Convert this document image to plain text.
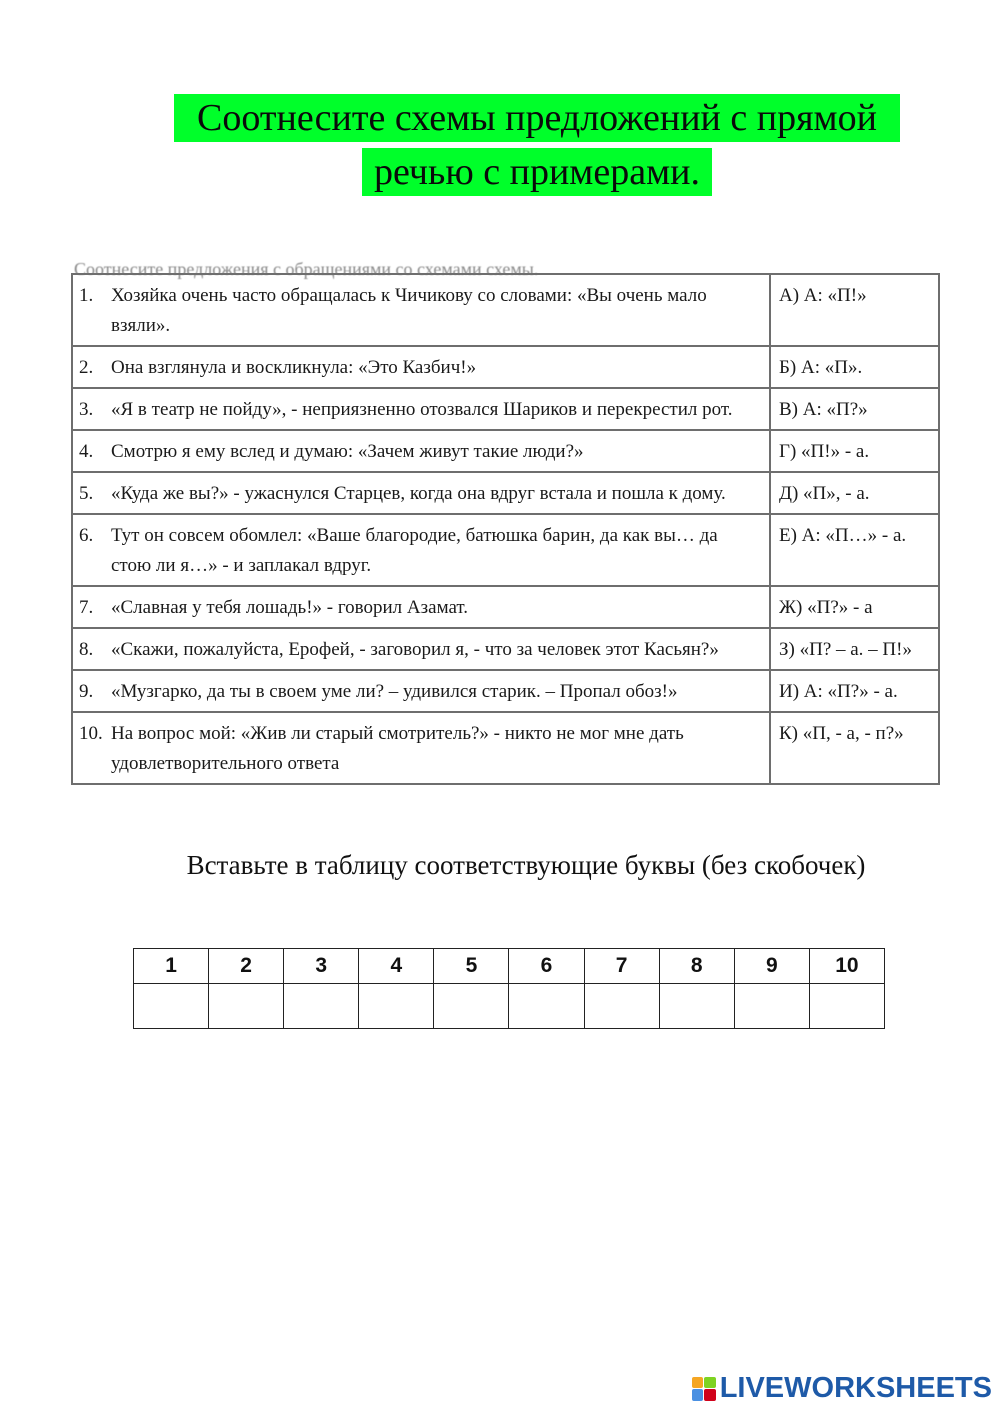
Соотнесите схемы предложений с прямой
речью с примерами.
Соотнесите предложения с обращениями со схемами схемы.
1. Хозяйка очень часто обращалась к Чичикову со словами: «Вы очень мало взяли».	А) А: «П!»
2. Она взглянула и воскликнула: «Это Казбич!»	Б) А: «П».
3. «Я в театр не пойду», - неприязненно отозвался Шариков и перекрестил рот.	В) А: «П?»
4. Смотрю я ему вслед и думаю: «Зачем живут такие люди?»	Г) «П!» - а.
5. «Куда же вы?» - ужаснулся Старцев, когда она вдруг встала и пошла к дому.	Д) «П», - а.
6. Тут он совсем обомлел: «Ваше благородие, батюшка барин, да как вы… да стою ли я…» - и заплакал вдруг.	Е) А: «П…» - а.
7. «Славная у тебя лошадь!» - говорил Азамат.	Ж) «П?» - а
8. «Скажи, пожалуйста, Ерофей, - заговорил я, - что за человек этот Касьян?»	З) «П? – а. – П!»
9. «Музгарко, да ты в своем уме ли? – удивился старик. – Пропал обоз!»	И) А: «П?» - а.
10. На вопрос мой: «Жив ли старый смотритель?» - никто не мог мне дать удовлетворительного ответа	К) «П, - а, - п?»
Вставьте в таблицу соответствующие буквы (без скобочек)
1	2	3	4	5	6	7	8	9	10

LIVEWORKSHEETS
